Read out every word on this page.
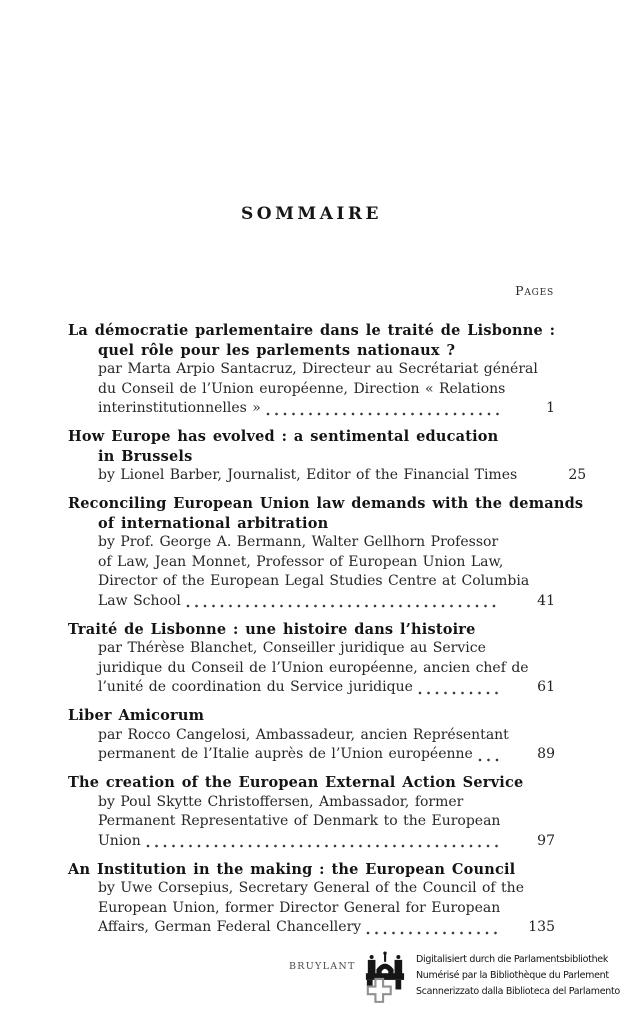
SOMMAIRE
Pages
La démocratie parlementaire dans le traité de Lisbonne :
quel rôle pour les parlements nationaux ?
par Marta Arpio Santacruz, Directeur au Secrétariat général
du Conseil de l’Union européenne, Direction « Relations
interinstitutionnelles »	1
How Europe has evolved : a sentimental education
in Brussels
by Lionel Barber, Journalist, Editor of the Financial Times	25
Reconciling European Union law demands with the demands
of international arbitration
by Prof. George A. Bermann, Walter Gellhorn Professor
of Law, Jean Monnet, Professor of European Union Law,
Director of the European Legal Studies Centre at Columbia
Law School	41
Traité de Lisbonne : une histoire dans l’histoire
par Thérèse Blanchet, Conseiller juridique au Service
juridique du Conseil de l’Union européenne, ancien chef de
l’unité de coordination du Service juridique	61
Liber Amicorum
par Rocco Cangelosi, Ambassadeur, ancien Représentant
permanent de l’Italie auprès de l’Union européenne	89
The creation of the European External Action Service
by Poul Skytte Christoffersen, Ambassador, former
Permanent Representative of Denmark to the European
Union	97
An Institution in the making : the European Council
by Uwe Corsepius, Secretary General of the Council of the
European Union, former Director General for European
Affairs, German Federal Chancellery	135
BRUYLANT
Digitalisiert durch die Parlamentsbibliothek
Numérisé par la Bibliothèque du Parlement
Scannerizzato dalla Biblioteca del Parlamento
